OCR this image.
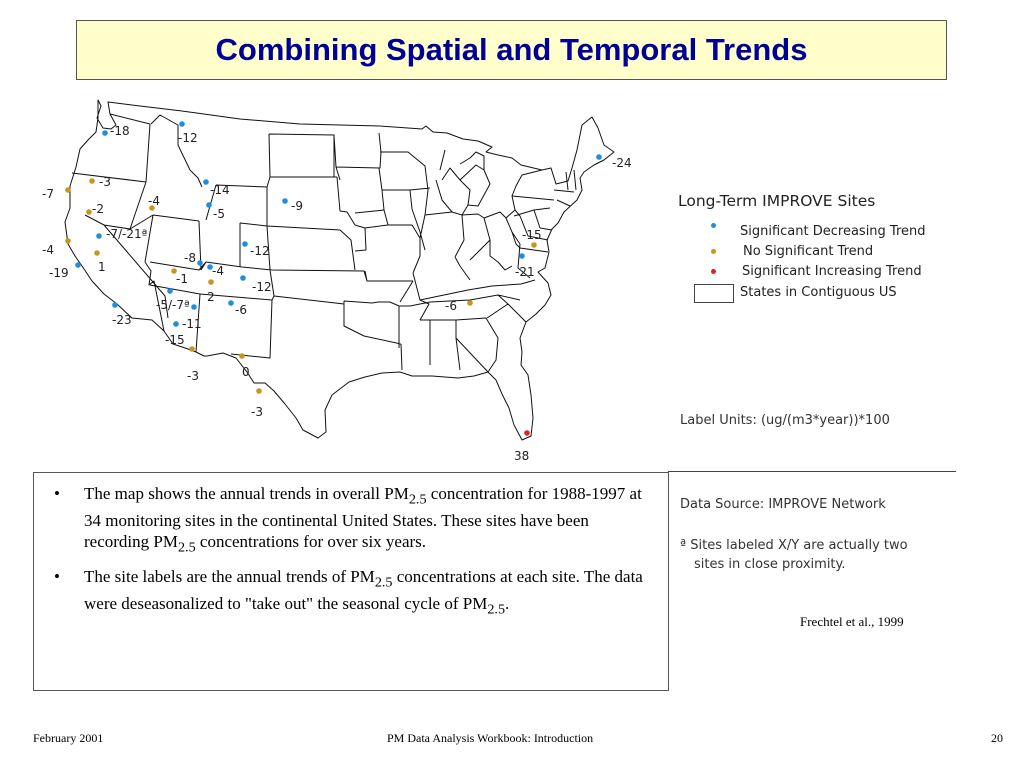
Combining Spatial and Temporal Trends
-18	-12
-3
-7
-2
-4
-14
-5
-9
-7/-21ª
-4
1
-19
-8	-12
-1
-4
2
-12
-5/-7ª	-6
-23	-11
-15
-3	0
-3
-6
-15
-21
-24
38
Long-Term IMPROVE Sites
Significant Decreasing Trend
No Significant Trend
Significant Increasing Trend
States in Contiguous US
Label Units: (ug/(m3*year))*100
Data Source: IMPROVE Network
ª Sites labeled X/Y are actually two
sites in close proximity.
Frechtel et al., 1999
• The map shows the annual trends in overall $PM_{2.5}$ concentration for 1988-1997 at 34 monitoring sites in the continental United States. These sites have been recording $PM_{2.5}$ concentrations for over six years.
• The site labels are the annual trends of $PM_{2.5}$ concentrations at each site. The data were deseasonalized to "take out" the seasonal cycle of $PM_{2.5}$.
February 2001	PM Data Analysis Workbook: Introduction	20
